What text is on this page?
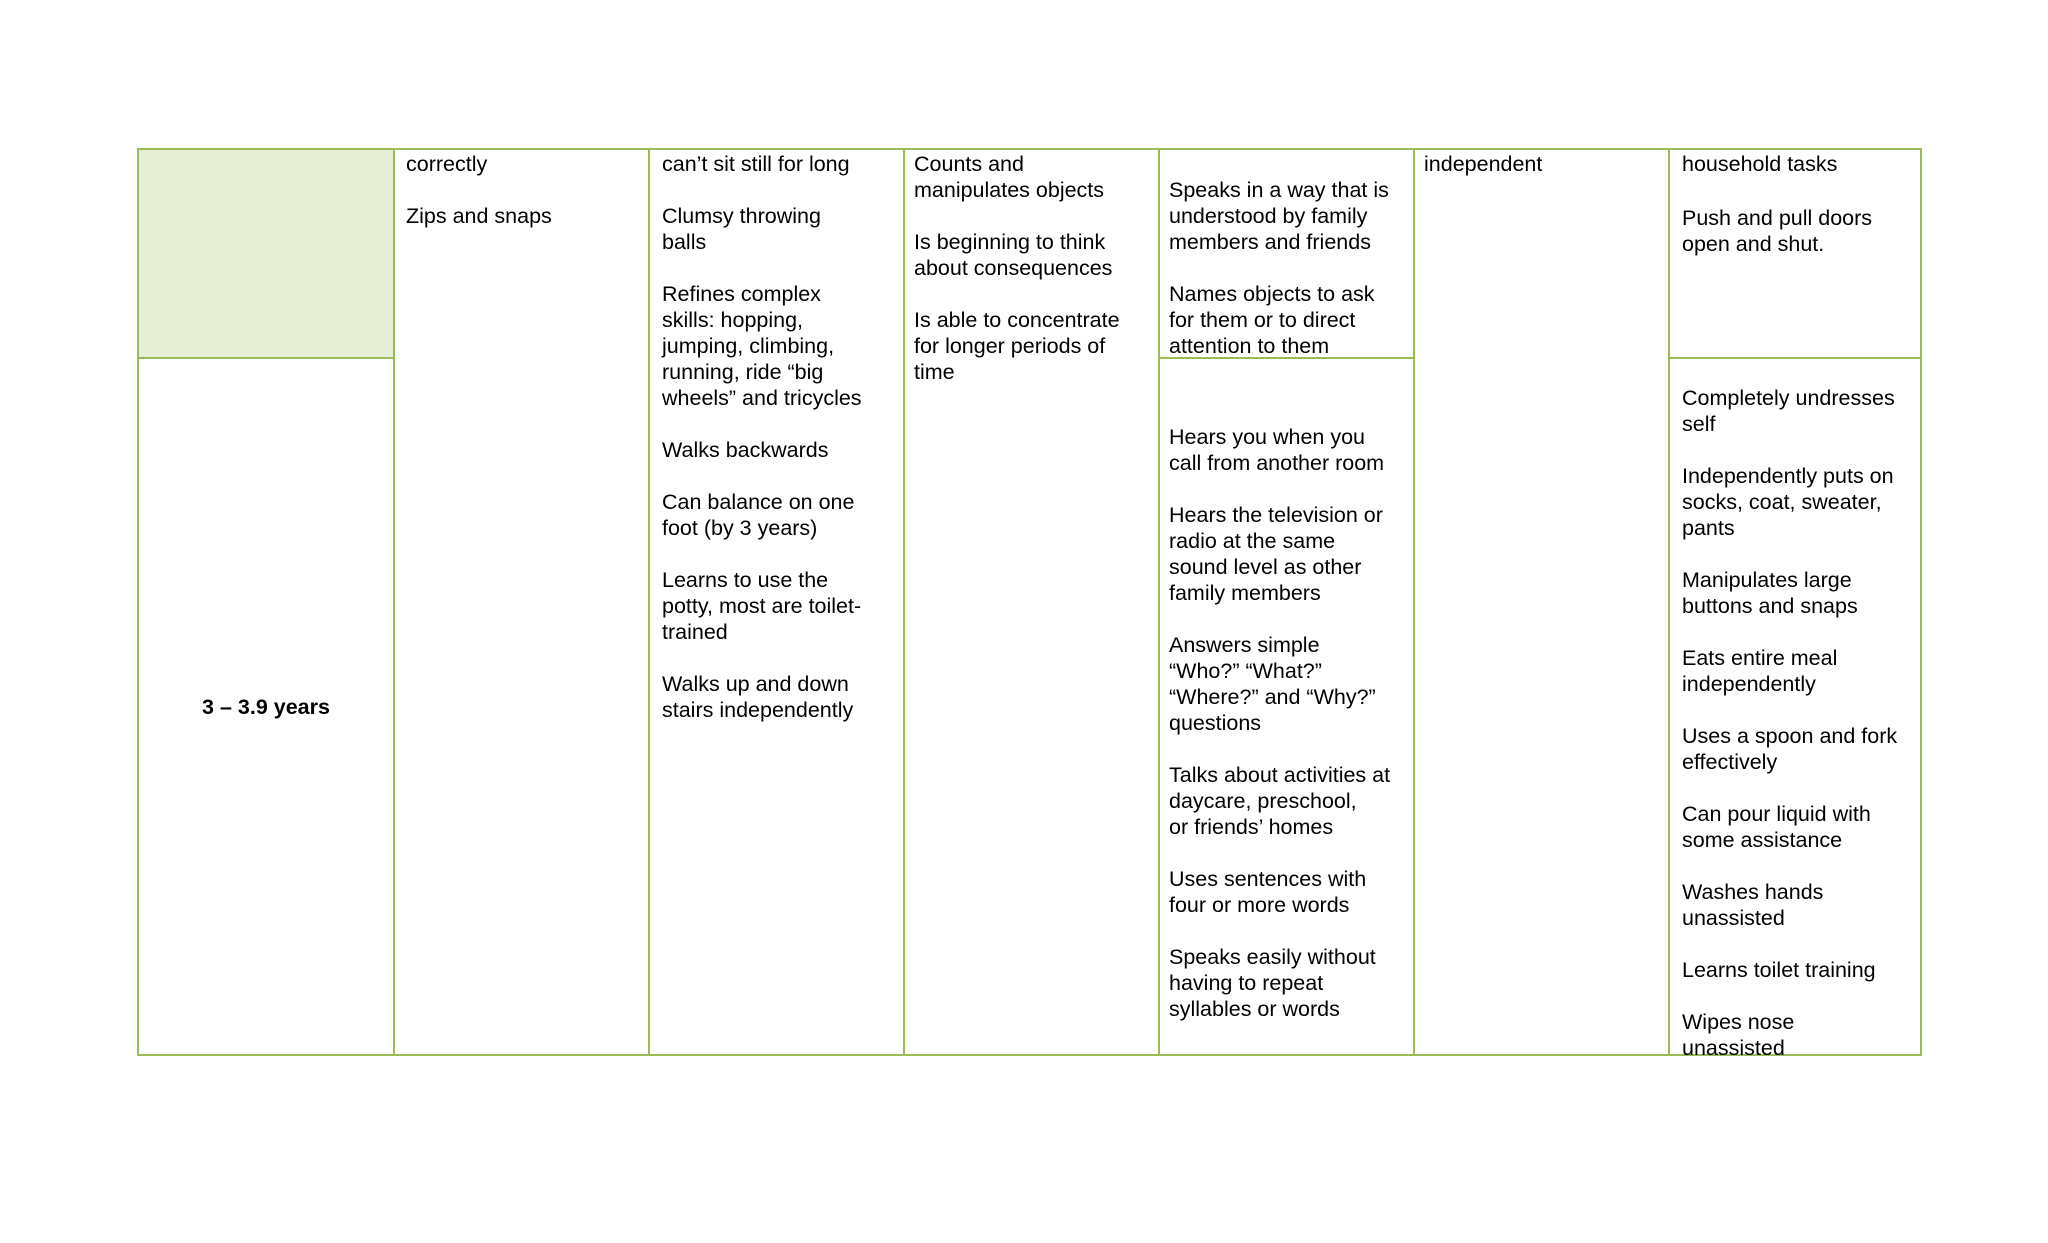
3 – 3.9 years

correctly

Zips and snaps

can’t sit still for long

Clumsy throwing
balls

Refines complex
skills: hopping,
jumping, climbing,
running, ride “big
wheels” and tricycles

Walks backwards

Can balance on one
foot (by 3 years)

Learns to use the
potty, most are toilet-
trained

Walks up and down
stairs independently

Counts and
manipulates objects

Is beginning to think
about consequences

Is able to concentrate
for longer periods of
time

Speaks in a way that is
understood by family
members and friends

Names objects to ask
for them or to direct
attention to them

Hears you when you
call from another room

Hears the television or
radio at the same
sound level as other
family members

Answers simple
“Who?” “What?”
“Where?” and “Why?”
questions

Talks about activities at
daycare, preschool,
or friends’ homes

Uses sentences with
four or more words

Speaks easily without
having to repeat
syllables or words

independent	household tasks

Push and pull doors
open and shut.

Completely undresses
self

Independently puts on
socks, coat, sweater,
pants

Manipulates large
buttons and snaps

Eats entire meal
independently

Uses a spoon and fork
effectively

Can pour liquid with
some assistance

Washes hands
unassisted

Learns toilet training

Wipes nose
unassisted
